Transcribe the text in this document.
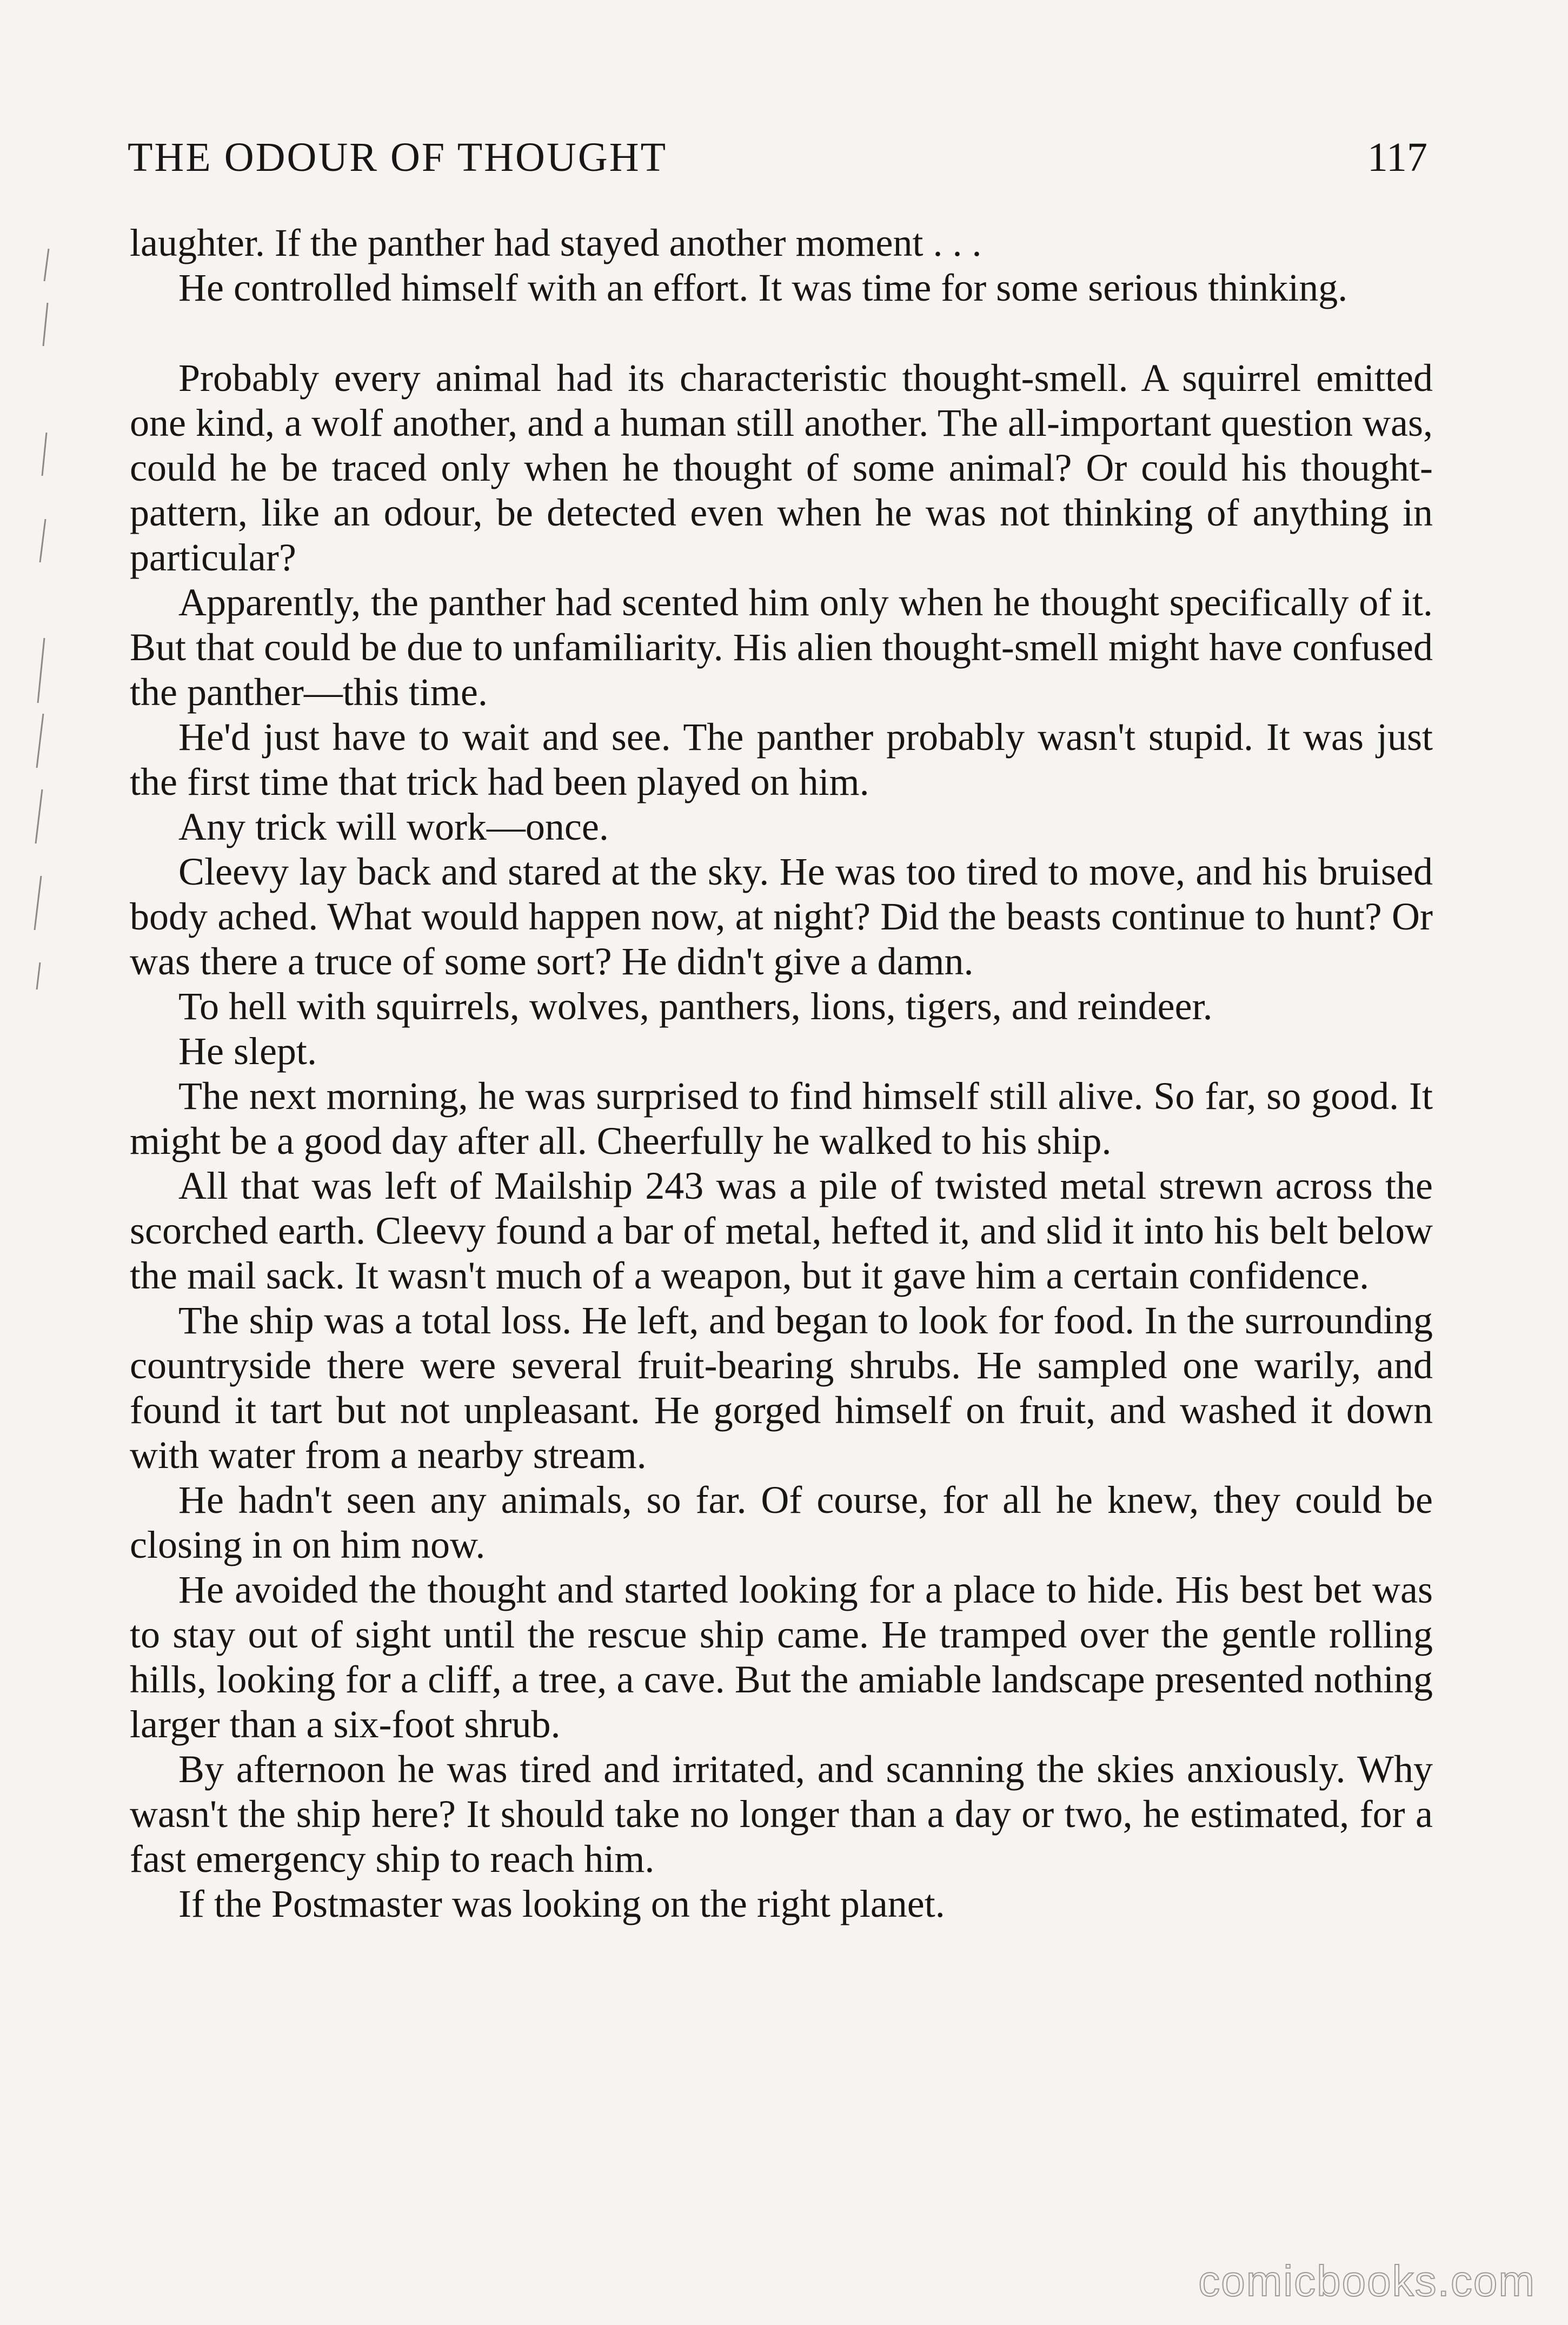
THE ODOUR OF THOUGHT	117

laughter. If the panther had stayed another moment . . .

He controlled himself with an effort. It was time for some serious thinking.

Probably every animal had its characteristic thought-smell. A squirrel emitted one kind, a wolf another, and a human still another. The all-important question was, could he be traced only when he thought of some animal? Or could his thought-pattern, like an odour, be detected even when he was not thinking of anything in particular?

Apparently, the panther had scented him only when he thought specifically of it. But that could be due to unfamiliarity. His alien thought-smell might have confused the panther—this time.

He'd just have to wait and see. The panther probably wasn't stupid. It was just the first time that trick had been played on him.

Any trick will work—once.

Cleevy lay back and stared at the sky. He was too tired to move, and his bruised body ached. What would happen now, at night? Did the beasts continue to hunt? Or was there a truce of some sort? He didn't give a damn.

To hell with squirrels, wolves, panthers, lions, tigers, and reindeer.

He slept.

The next morning, he was surprised to find himself still alive. So far, so good. It might be a good day after all. Cheerfully he walked to his ship.

All that was left of Mailship 243 was a pile of twisted metal strewn across the scorched earth. Cleevy found a bar of metal, hefted it, and slid it into his belt below the mail sack. It wasn't much of a weapon, but it gave him a certain confidence.

The ship was a total loss. He left, and began to look for food. In the surrounding countryside there were several fruit-bearing shrubs. He sampled one warily, and found it tart but not unpleasant. He gorged himself on fruit, and washed it down with water from a nearby stream.

He hadn't seen any animals, so far. Of course, for all he knew, they could be closing in on him now.

He avoided the thought and started looking for a place to hide. His best bet was to stay out of sight until the rescue ship came. He tramped over the gentle rolling hills, looking for a cliff, a tree, a cave. But the amiable landscape presented nothing larger than a six-foot shrub.

By afternoon he was tired and irritated, and scanning the skies anxiously. Why wasn't the ship here? It should take no longer than a day or two, he estimated, for a fast emergency ship to reach him.

If the Postmaster was looking on the right planet.

comicbooks.com
